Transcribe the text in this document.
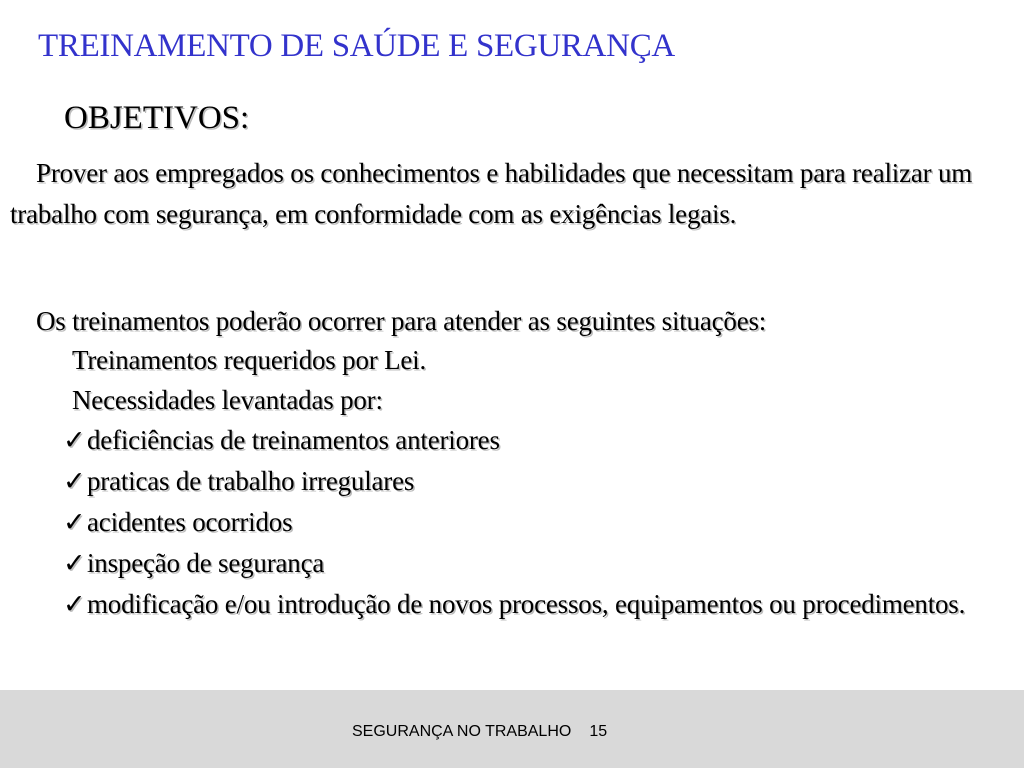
TREINAMENTO DE SAÚDE E SEGURANÇA
OBJETIVOS:
Prover aos empregados os conhecimentos e habilidades que necessitam para realizar um trabalho com segurança, em conformidade com as exigências legais.
Os treinamentos poderão ocorrer para atender as seguintes situações:
Treinamentos requeridos por Lei.
Necessidades levantadas por:
✓deficiências de treinamentos anteriores
✓praticas de trabalho irregulares
✓acidentes ocorridos
✓inspeção de segurança
✓modificação e/ou introdução de novos processos, equipamentos ou procedimentos.
SEGURANÇA NO TRABALHO 15
